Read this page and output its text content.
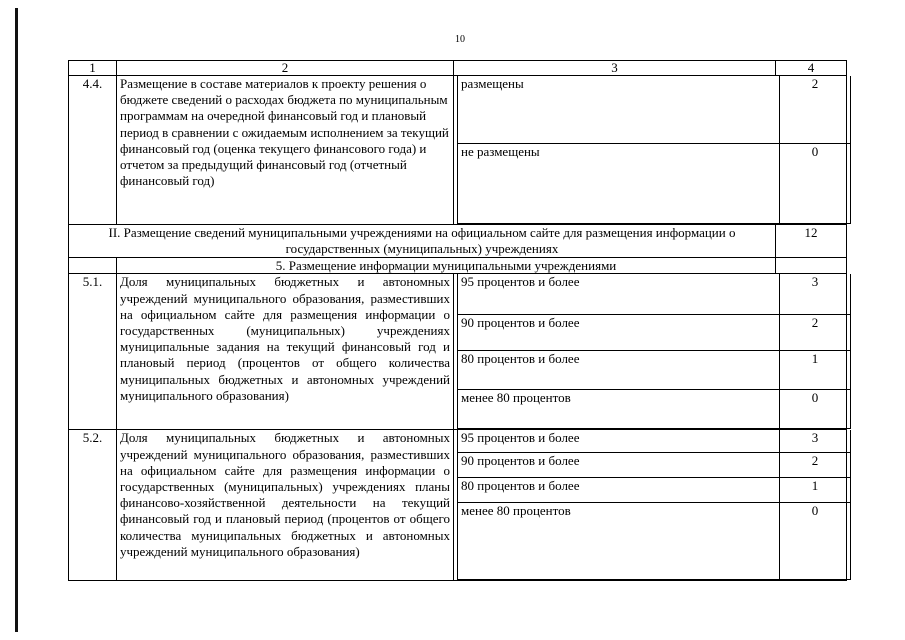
10
1	2	3	4
4.4.	Размещение в составе материалов к проекту решения о бюджете сведений о расходах бюджета по муниципальным программам на очередной финансовый год и плановый период в сравнении с ожидаемым исполнением за текущий финансовый год (оценка текущего финансового года) и отчетом за предыдущий финансовый год (отчетный финансовый год)	
размещены	2
не размещены	0

II. Размещение сведений муниципальными учреждениями на официальном сайте для размещения информации о государственных (муниципальных) учреждениях	12
	5. Размещение информации муниципальными учреждениями	
5.1.	Доля муниципальных бюджетных и автономных учреждений муниципального образования, разместивших на официальном сайте для размещения информации о государственных (муниципальных) учреждениях муниципальные задания на текущий финансовый год и плановый период (процентов от общего количества муниципальных бюджетных и автономных учреждений муниципального образования)	
95 процентов и более	3
90 процентов и более	2
80 процентов и более	1
менее 80 процентов	0

5.2.	Доля муниципальных бюджетных и автономных учреждений муниципального образования, разместивших на официальном сайте для размещения информации о государственных (муниципальных) учреждениях планы финансово-хозяйственной деятельности на текущий финансовый год и плановый период (процентов от общего количества муниципальных бюджетных и автономных учреждений муниципального образования)	
95 процентов и более	3
90 процентов и более	2
80 процентов и более	1
менее 80 процентов	0
